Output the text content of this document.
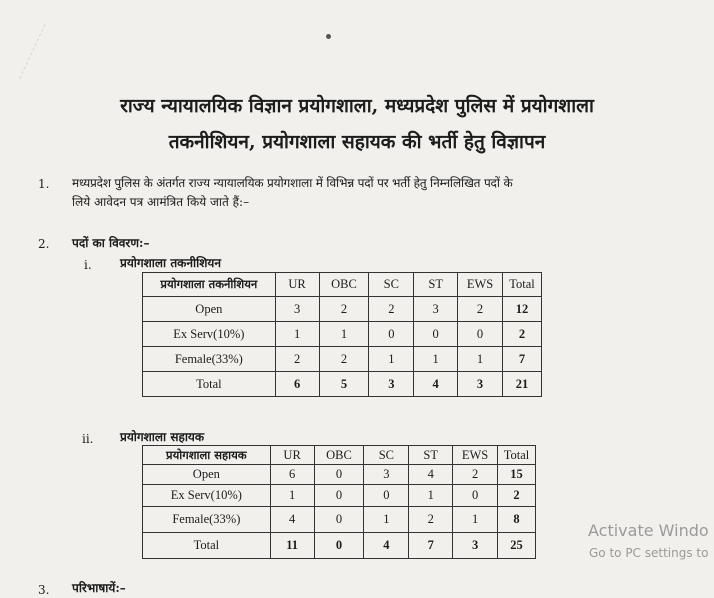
राज्य न्यायालयिक विज्ञान प्रयोगशाला, मध्यप्रदेश पुलिस में प्रयोगशाला
तकनीशियन, प्रयोगशाला सहायक की भर्ती हेतु विज्ञापन
1. मध्यप्रदेश पुलिस के अंतर्गत राज्य न्यायालयिक प्रयोगशाला में विभिन्न पदों पर भर्ती हेतु निम्नलिखित पदों के
लिये आवेदन पत्र आमंत्रित किये जाते हैं:–
2. पदों का विवरण:–
i. प्रयोगशाला तकनीशियन
प्रयोगशाला तकनीशियन	UR	OBC	SC	ST	EWS	Total
Open	3	2	2	3	2	12
Ex Serv(10%)	1	1	0	0	0	2
Female(33%)	2	2	1	1	1	7
Total	6	5	3	4	3	21
ii. प्रयोगशाला सहायक
प्रयोगशाला सहायक	UR	OBC	SC	ST	EWS	Total
Open	6	0	3	4	2	15
Ex Serv(10%)	1	0	0	1	0	2
Female(33%)	4	0	1	2	1	8
Total	11	0	4	7	3	25
3. परिभाषायें:–
Activate Windo
Go to PC settings to
